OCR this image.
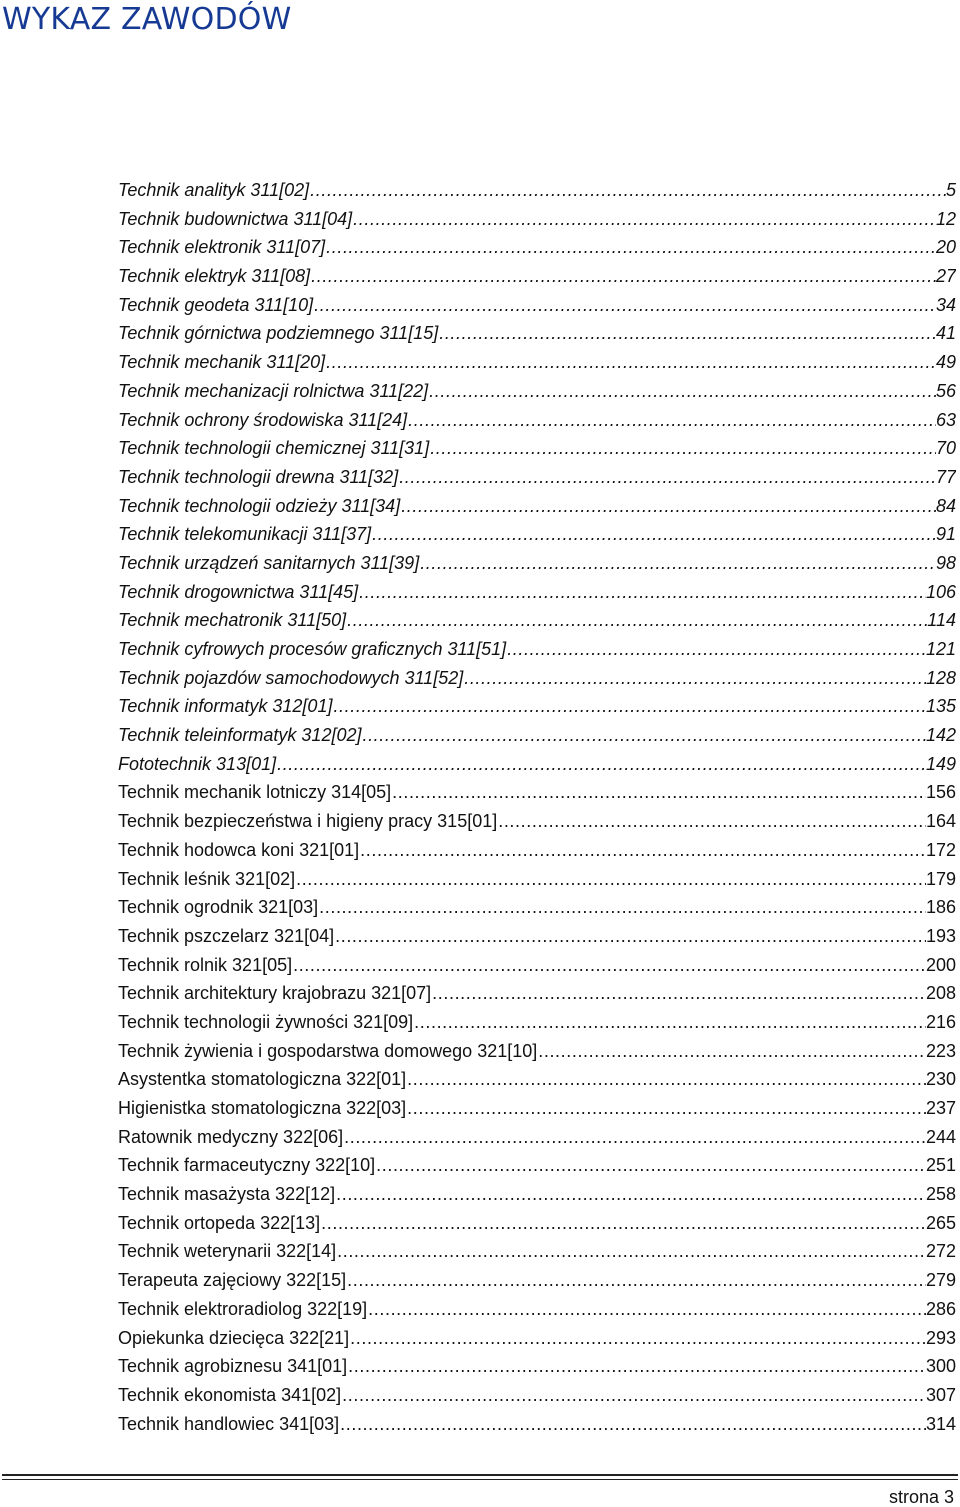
WYKAZ ZAWODÓW
Technik analityk 311[02] .....	5
Technik budownictwa 311[04] .....	12
Technik elektronik 311[07] .....	20
Technik elektryk 311[08] .....	27
Technik geodeta 311[10] .....	34
Technik górnictwa podziemnego 311[15] .....	41
Technik mechanik 311[20] .....	49
Technik mechanizacji rolnictwa 311[22] .....	56
Technik ochrony środowiska 311[24] .....	63
Technik technologii chemicznej 311[31] .....	70
Technik technologii drewna 311[32] .....	77
Technik technologii odzieży 311[34] .....	84
Technik telekomunikacji 311[37] .....	91
Technik urządzeń sanitarnych 311[39] .....	98
Technik drogownictwa 311[45] .....	106
Technik mechatronik 311[50] .....	114
Technik cyfrowych procesów graficznych 311[51] .....	121
Technik pojazdów samochodowych 311[52] .....	128
Technik informatyk 312[01] .....	135
Technik teleinformatyk 312[02] .....	142
Fototechnik 313[01] .....	149
Technik mechanik lotniczy 314[05] .....	156
Technik bezpieczeństwa i higieny pracy 315[01] .....	164
Technik hodowca koni 321[01] .....	172
Technik leśnik 321[02] .....	179
Technik ogrodnik 321[03] .....	186
Technik pszczelarz 321[04] .....	193
Technik rolnik 321[05] .....	200
Technik architektury krajobrazu 321[07] .....	208
Technik technologii żywności 321[09] .....	216
Technik żywienia i gospodarstwa domowego 321[10] .....	223
Asystentka stomatologiczna 322[01] .....	230
Higienistka stomatologiczna 322[03] .....	237
Ratownik medyczny 322[06] .....	244
Technik farmaceutyczny 322[10] .....	251
Technik masażysta 322[12] .....	258
Technik ortopeda 322[13] .....	265
Technik weterynarii 322[14] .....	272
Terapeuta zajęciowy 322[15] .....	279
Technik elektroradiolog 322[19] .....	286
Opiekunka dziecięca 322[21] .....	293
Technik agrobiznesu 341[01] .....	300
Technik ekonomista 341[02] .....	307
Technik handlowiec 341[03] .....	314
strona 3
